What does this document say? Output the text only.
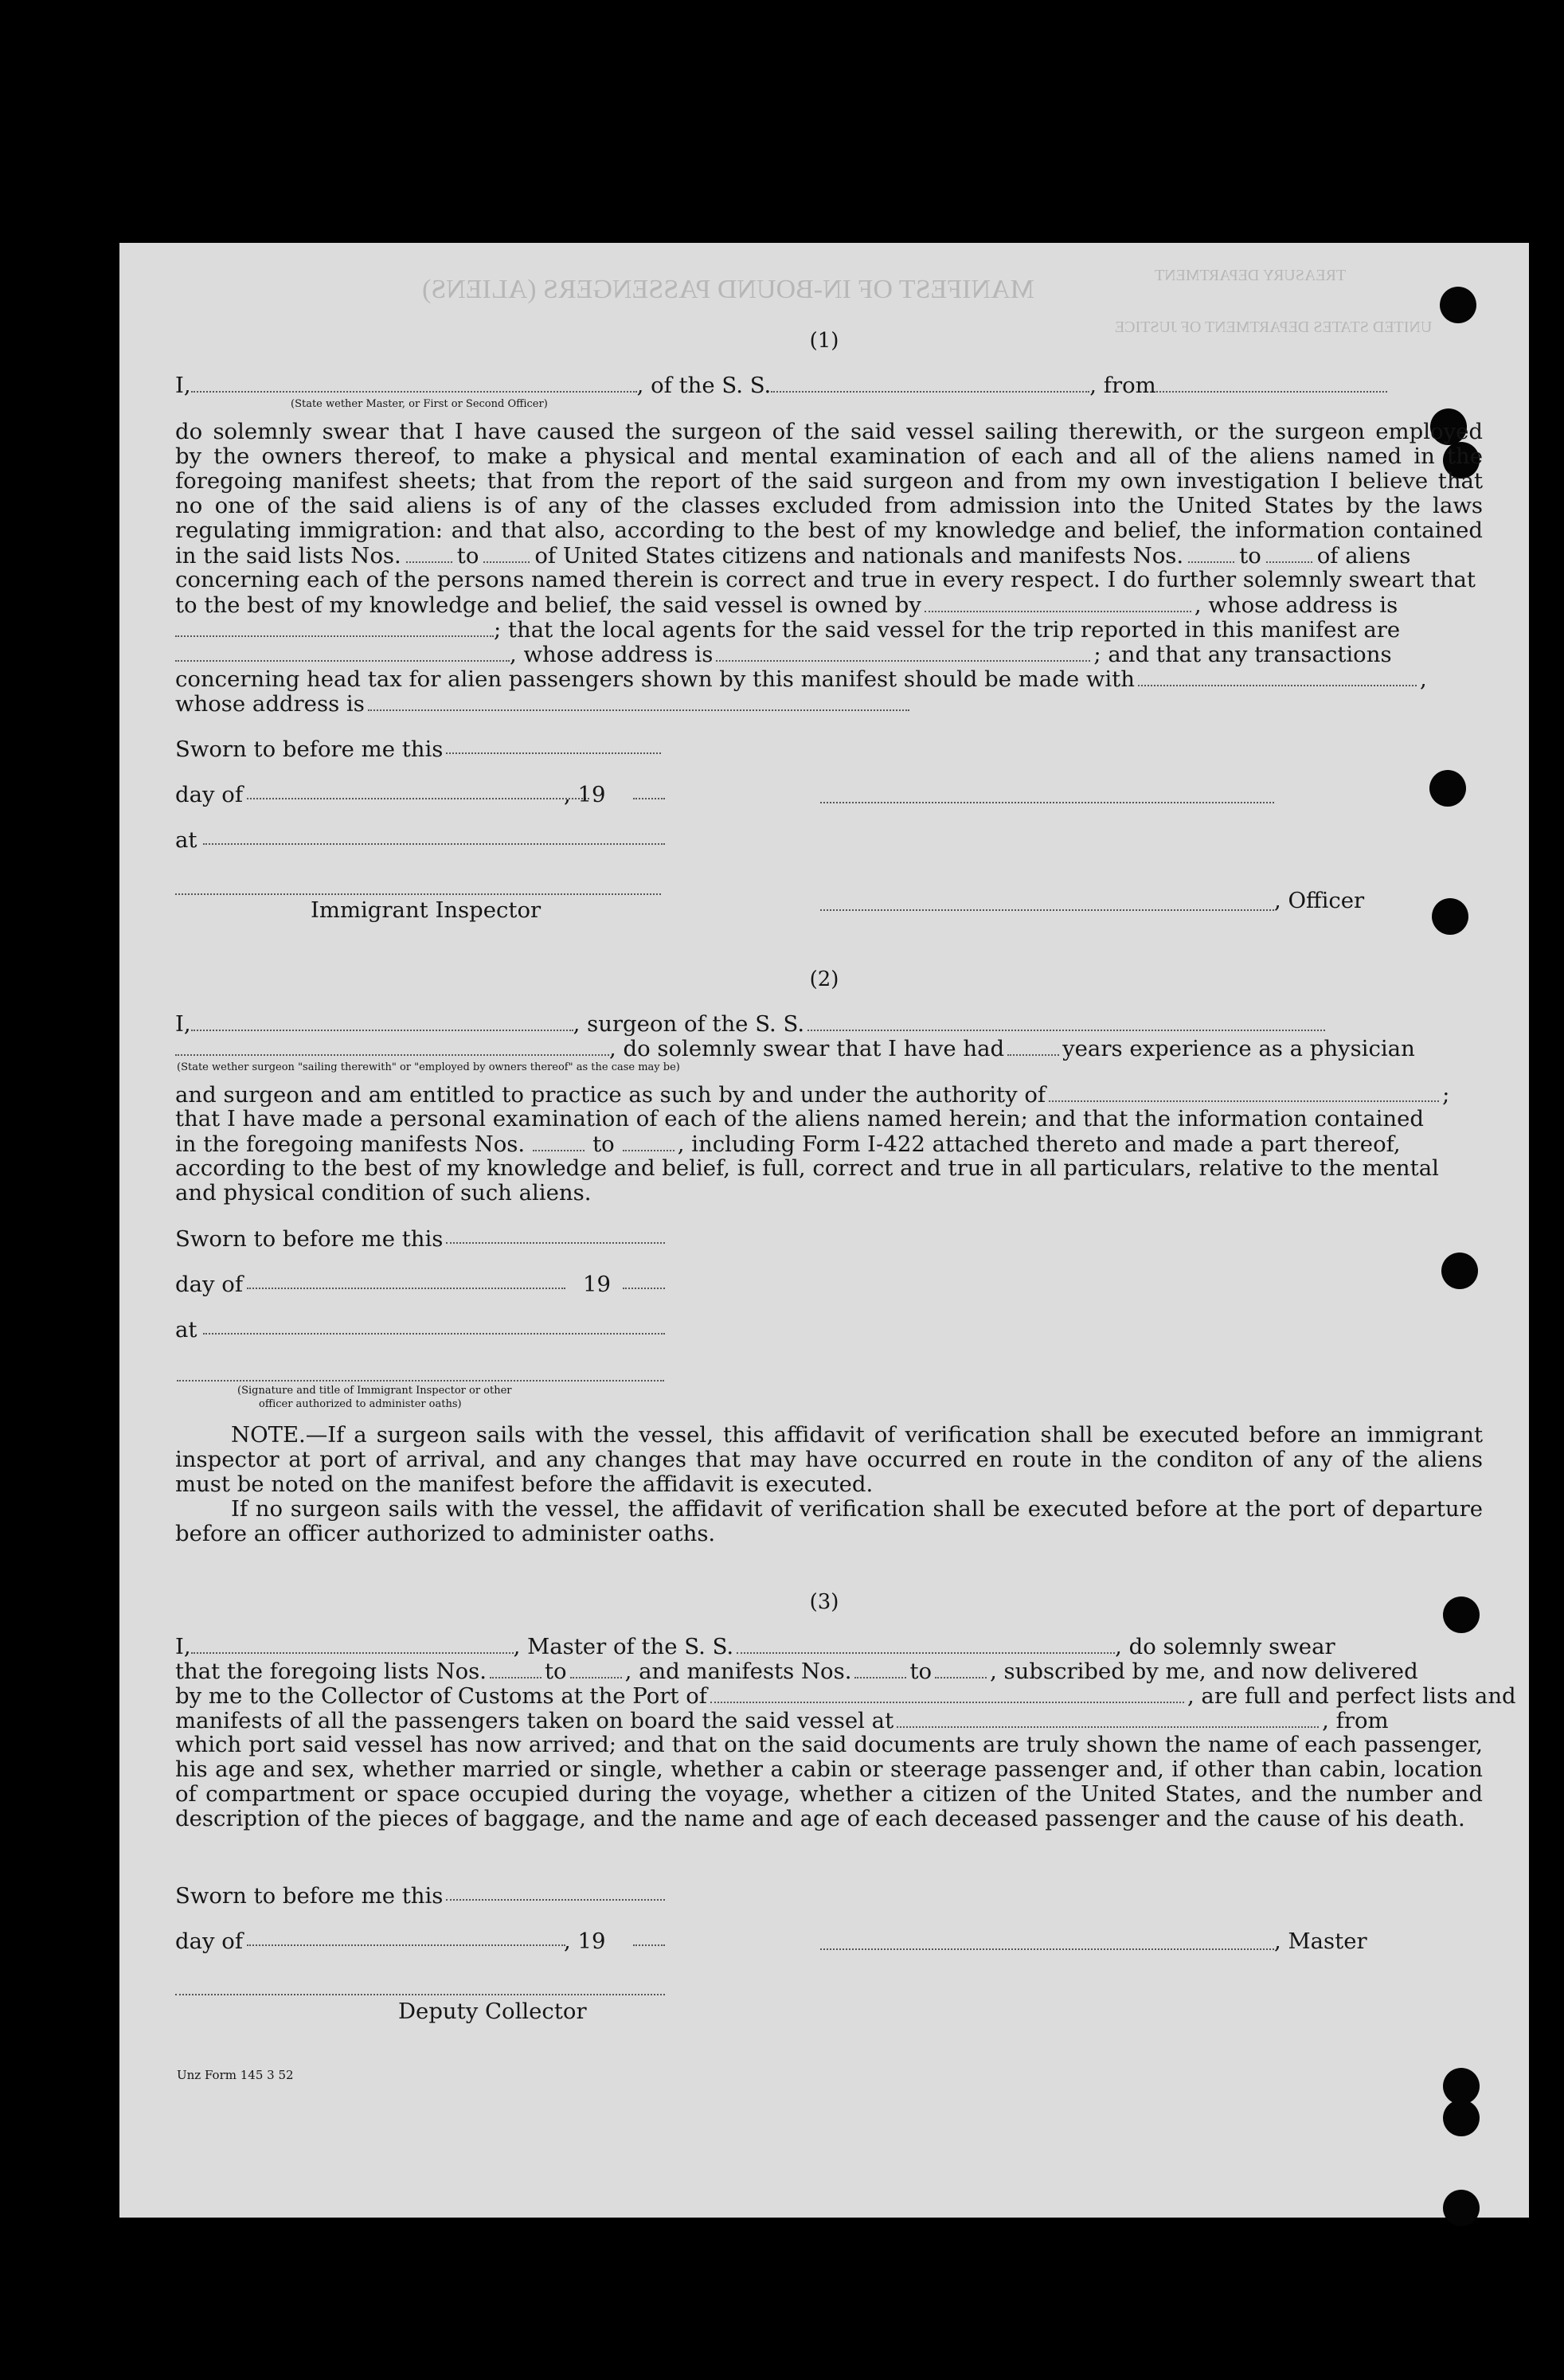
MANIFEST OF IN-BOUND PASSENGERS (ALIENS)	TREASURY DEPARTMENT
UNITED STATES DEPARTMENT OF JUSTICE
(1)
I,	, of the S. S.	, from
(State wether Master, or First or Second Officer)
do solemnly swear that I have caused the surgeon of the said vessel sailing therewith, or the surgeon employed
by the owners thereof, to make a physical and mental examination of each and all of the aliens named in the
foregoing manifest sheets; that from the report of the said surgeon and from my own investigation I believe that
no one of the said aliens is of any of the classes excluded from admission into the United States by the laws
regulating immigration: and that also, according to the best of my knowledge and belief, the information contained
in the said lists Nos.	to	of United States citizens and nationals and manifests Nos.	to	of aliens
concerning each of the persons named therein is correct and true in every respect. I do further solemnly sweart that
to the best of my knowledge and belief, the said vessel is owned by	, whose address is
; that the local agents for the said vessel for the trip reported in this manifest are
, whose address is	; and that any transactions
concerning head tax for alien passengers shown by this manifest should be made with	,
whose address is
Sworn to before me this
day of	, 19
at
Immigrant Inspector	, Officer
(2)
I,	, surgeon of the S. S.
, do solemnly swear that I have had	years experience as a physician
(State wether surgeon "sailing therewith" or "employed by owners thereof" as the case may be)
and surgeon and am entitled to practice as such by and under the authority of	;
that I have made a personal examination of each of the aliens named herein; and that the information contained
in the foregoing manifests Nos.	to	, including Form I-422 attached thereto and made a part thereof,
according to the best of my knowledge and belief, is full, correct and true in all particulars, relative to the mental
and physical condition of such aliens.
Sworn to before me this
day of	19
at
(Signature and title of Immigrant Inspector or other
officer authorized to administer oaths)
NOTE.—If a surgeon sails with the vessel, this affidavit of verification shall be executed before an immigrant inspector at port of arrival, and any changes that may have occurred en route in the conditon of any of the aliens must be noted on the manifest before the affidavit is executed.
If no surgeon sails with the vessel, the affidavit of verification shall be executed before at the port of departure before an officer authorized to administer oaths.
(3)
I,	, Master of the S. S.	, do solemnly swear
that the foregoing lists Nos.	to	, and manifests Nos.	to	, subscribed by me, and now delivered
by me to the Collector of Customs at the Port of	, are full and perfect lists and
manifests of all the passengers taken on board the said vessel at	, from
which port said vessel has now arrived; and that on the said documents are truly shown the name of each passenger, his age and sex, whether married or single, whether a cabin or steerage passenger and, if other than cabin, location of compartment or space occupied during the voyage, whether a citizen of the United States, and the number and description of the pieces of baggage, and the name and age of each deceased passenger and the cause of his death.
Sworn to before me this
day of	, 19	, Master
Deputy Collector
Unz Form 145 3 52
